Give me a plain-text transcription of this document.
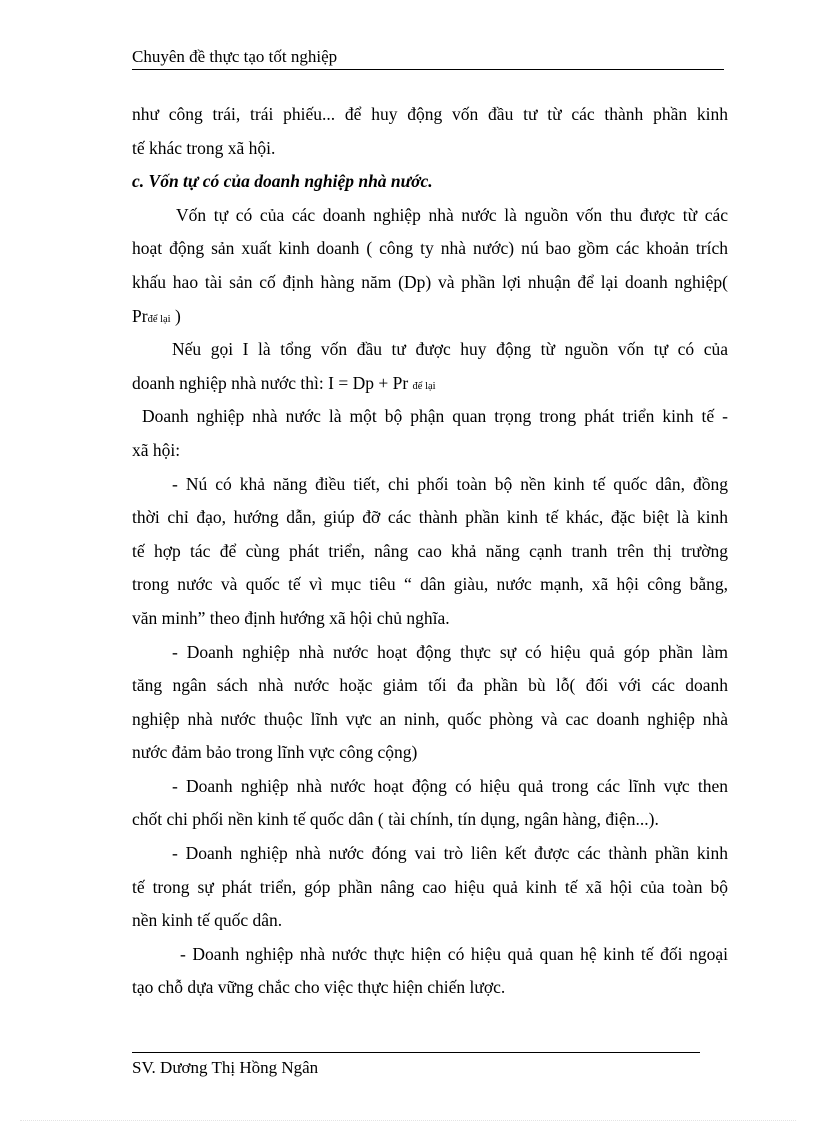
Chuyên đề thực tạo tốt nghiệp
như công trái, trái phiếu... để huy động vốn đầu tư từ các thành phần kinh
tế khác trong xã hội.
c. Vốn tự có của doanh nghiệp nhà nước.
Vốn tự có của các doanh nghiệp nhà nước là nguồn vốn thu được từ các
hoạt động sản xuất kinh doanh ( công ty nhà nước) nú bao gồm các khoản trích
khấu hao tài sản cố định hàng năm (Dp) và phần lợi nhuận để lại doanh nghiệp(
Prđể lại )
Nếu gọi I là tổng vốn đầu tư được huy động từ nguồn vốn tự có của
doanh nghiệp nhà nước thì: I = Dp + Pr để lại
Doanh nghiệp nhà nước là một bộ phận quan trọng trong phát triển kinh tế -
xã hội:
- Nú có khả năng điều tiết, chi phối toàn bộ nền kinh tế quốc dân, đồng
thời chỉ đạo, hướng dẫn, giúp đỡ các thành phần kinh tế khác, đặc biệt là kinh
tế hợp tác để cùng phát triển, nâng cao khả năng cạnh tranh trên thị trường
trong nước và quốc tế vì mục tiêu “ dân giàu, nước mạnh, xã hội công bằng,
văn minh” theo định hướng xã hội chủ nghĩa.
- Doanh nghiệp nhà nước hoạt động thực sự có hiệu quả góp phần làm
tăng ngân sách nhà nước hoặc giảm tối đa phần bù lỗ( đối với các doanh
nghiệp nhà nước thuộc lĩnh vực an ninh, quốc phòng và cac doanh nghiệp nhà
nước đảm bảo trong lĩnh vực công cộng)
- Doanh nghiệp nhà nước hoạt động có hiệu quả trong các lĩnh vực then
chốt chi phối nền kinh tế quốc dân ( tài chính, tín dụng, ngân hàng, điện...).
- Doanh nghiệp nhà nước đóng vai trò liên kết được các thành phần kinh
tế trong sự phát triển, góp phần nâng cao hiệu quả kinh tế xã hội của toàn bộ
nền kinh tế quốc dân.
- Doanh nghiệp nhà nước thực hiện có hiệu quả quan hệ kinh tế đối ngoại
tạo chỗ dựa vững chắc cho việc thực hiện chiến lược.
SV. Dương Thị Hồng Ngân
